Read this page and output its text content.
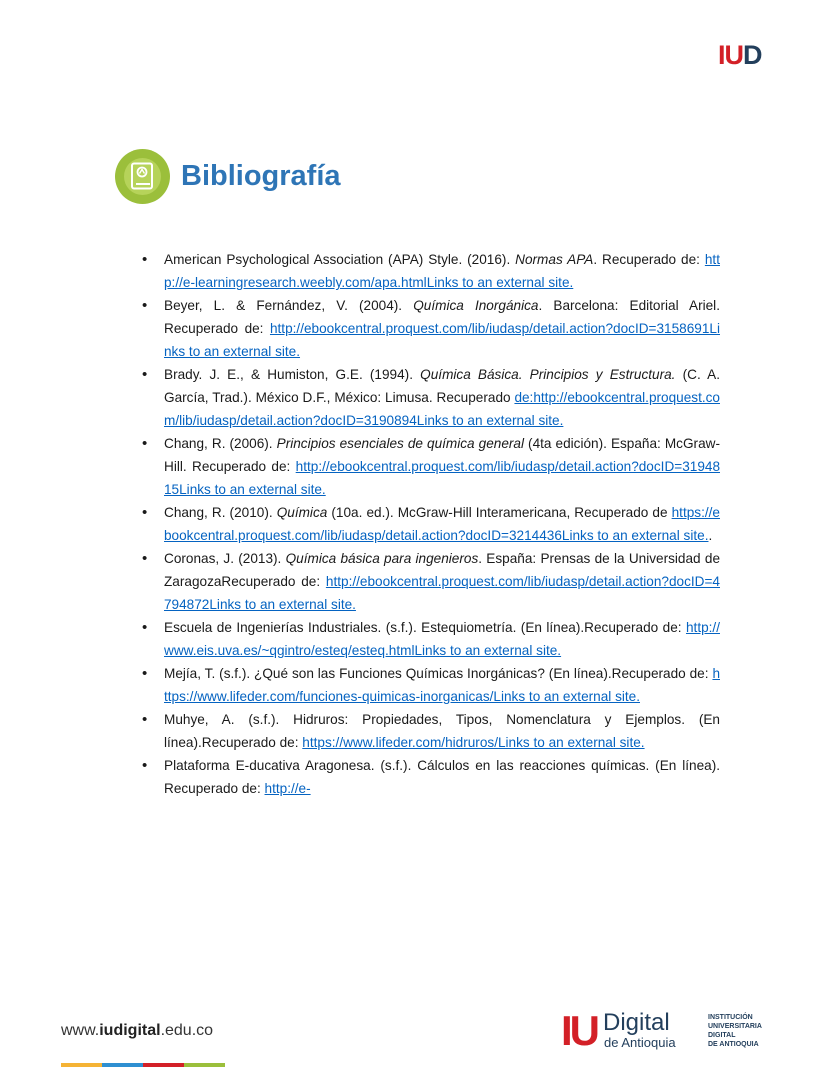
IUD
Bibliografía
• American Psychological Association (APA) Style. (2016). Normas APA. Recuperado de: http://e-learningresearch.weebly.com/apa.htmlLinks to an external site.
• Beyer, L. & Fernández, V. (2004). Química Inorgánica. Barcelona: Editorial Ariel. Recuperado de: http://ebookcentral.proquest.com/lib/iudasp/detail.action?docID=3158691Links to an external site.
• Brady. J. E., & Humiston, G.E. (1994). Química Básica. Principios y Estructura. (C. A. García, Trad.). México D.F., México: Limusa. Recuperado de:http://ebookcentral.proquest.com/lib/iudasp/detail.action?docID=3190894Links to an external site.
• Chang, R. (2006). Principios esenciales de química general (4ta edición). España: McGraw-Hill. Recuperado de: http://ebookcentral.proquest.com/lib/iudasp/detail.action?docID=3194815Links to an external site.
• Chang, R. (2010). Química (10a. ed.). McGraw-Hill Interamericana, Recuperado de https://ebookcentral.proquest.com/lib/iudasp/detail.action?docID=3214436Links to an external site..
• Coronas, J. (2013). Química básica para ingenieros. España: Prensas de la Universidad de ZaragozaRecuperado de: http://ebookcentral.proquest.com/lib/iudasp/detail.action?docID=4794872Links to an external site.
• Escuela de Ingenierías Industriales. (s.f.). Estequiometría. (En línea).Recuperado de: http://www.eis.uva.es/~qgintro/esteq/esteq.htmlLinks to an external site.
• Mejía, T. (s.f.). ¿Qué son las Funciones Químicas Inorgánicas? (En línea).Recuperado de: https://www.lifeder.com/funciones-quimicas-inorganicas/Links to an external site.
• Muhye, A. (s.f.). Hidruros: Propiedades, Tipos, Nomenclatura y Ejemplos. (En línea).Recuperado de: https://www.lifeder.com/hidruros/Links to an external site.
• Plataforma E-ducativa Aragonesa. (s.f.). Cálculos en las reacciones químicas. (En línea). Recuperado de: http://e-
www.iudigital.edu.co	IU Digital
de Antioquia
INSTITUCIÓN
UNIVERSITARIA
DIGITAL
DE ANTIOQUIA
